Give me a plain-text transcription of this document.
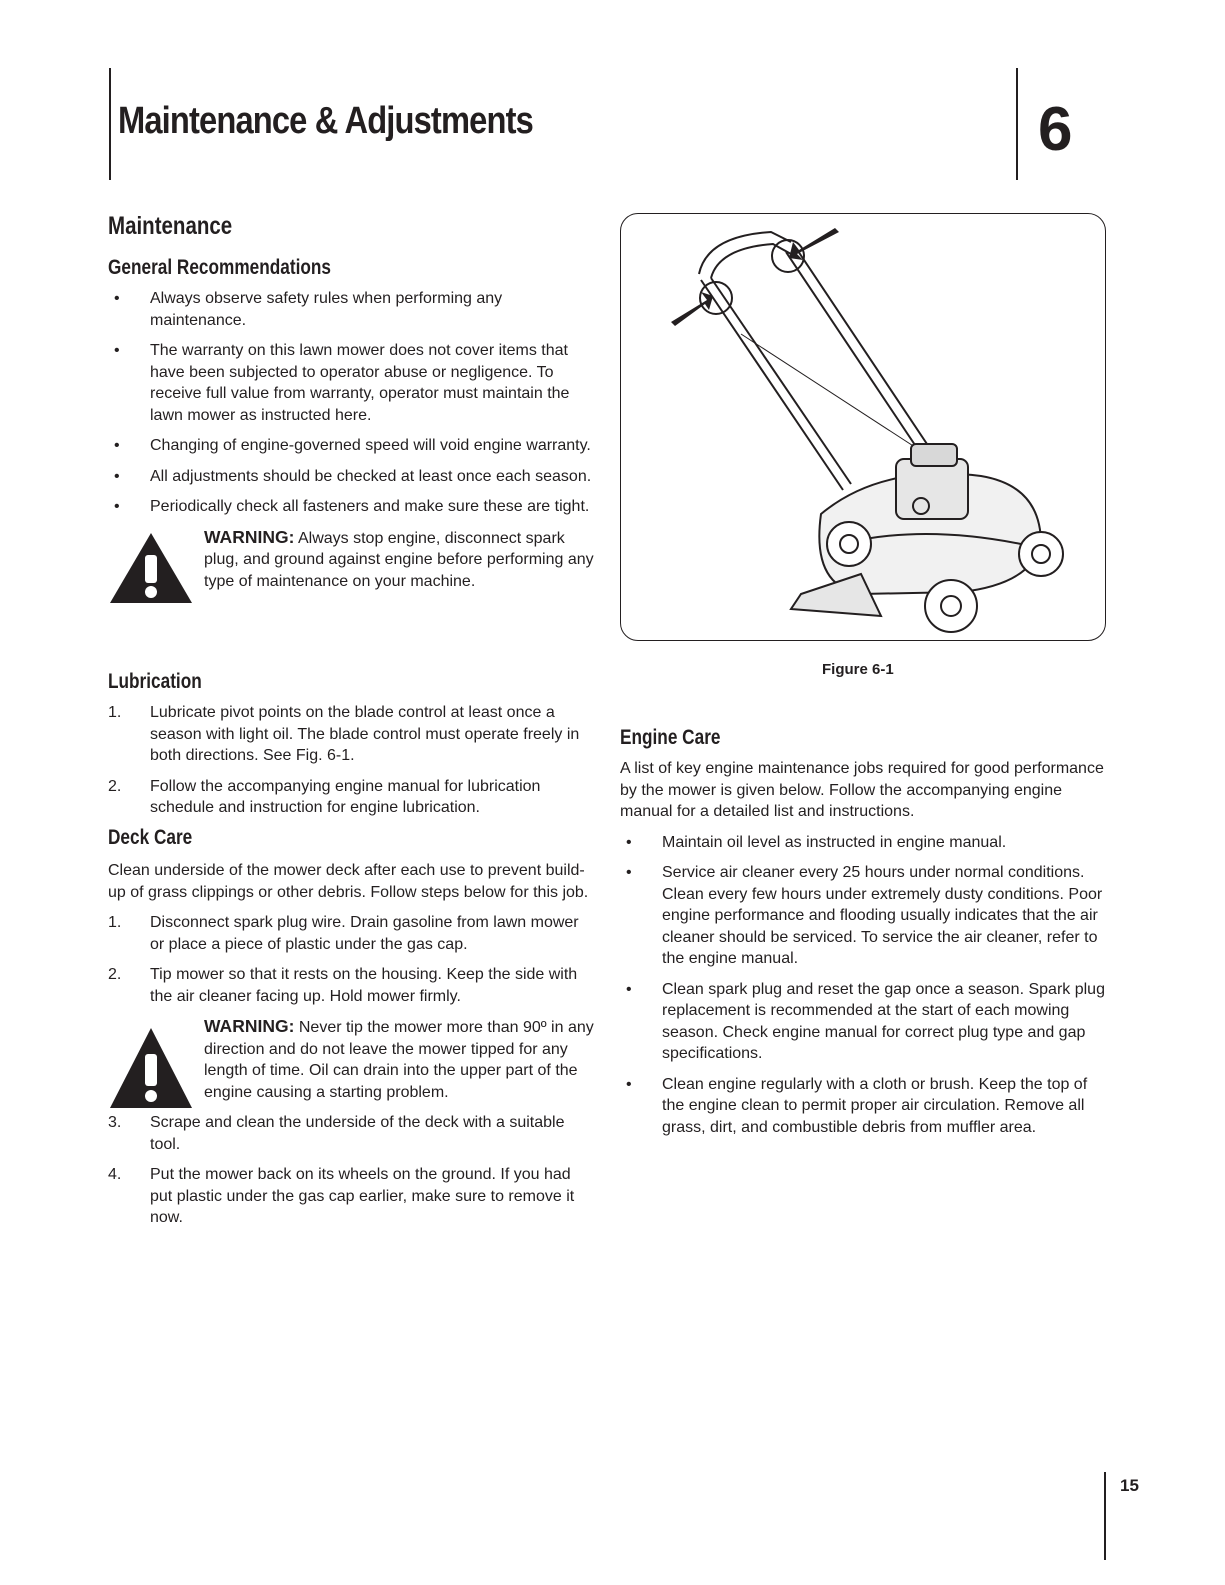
Maintenance & Adjustments	6
Maintenance
General Recommendations
• Always observe safety rules when performing any maintenance.
• The warranty on this lawn mower does not cover items that have been subjected to operator abuse or negligence. To receive full value from warranty, operator must maintain the lawn mower as instructed here.
• Changing of engine-governed speed will void engine warranty.
• All adjustments should be checked at least once each season.
• Periodically check all fasteners and make sure these are tight.
WARNING: Always stop engine, disconnect spark plug, and ground against engine before performing any type of maintenance on your machine.
Lubrication
1. Lubricate pivot points on the blade control at least once a season with light oil. The blade control must operate freely in both directions. See Fig. 6-1.
2. Follow the accompanying engine manual for lubrication schedule and instruction for engine lubrication.
Deck Care

Clean underside of the mower deck after each use to prevent build-up of grass clippings or other debris. Follow steps below for this job.

1. Disconnect spark plug wire. Drain gasoline from lawn mower or place a piece of plastic under the gas cap.
2. Tip mower so that it rests on the housing. Keep the side with the air cleaner facing up. Hold mower firmly.
WARNING: Never tip the mower more than 90º in any direction and do not leave the mower tipped for any length of time. Oil can drain into the upper part of the engine causing a starting problem.
3. Scrape and clean the underside of the deck with a suitable tool.
4. Put the mower back on its wheels on the ground. If you had put plastic under the gas cap earlier, make sure to remove it now.
Figure 6-1
Engine Care

A list of key engine maintenance jobs required for good performance by the mower is given below. Follow the accompanying engine manual for a detailed list and instructions.

• Maintain oil level as instructed in engine manual.
• Service air cleaner every 25 hours under normal conditions. Clean every few hours under extremely dusty conditions. Poor engine performance and flooding usually indicates that the air cleaner should be serviced. To service the air cleaner, refer to the engine manual.
• Clean spark plug and reset the gap once a season. Spark plug replacement is recommended at the start of each mowing season. Check engine manual for correct plug type and gap specifications.
• Clean engine regularly with a cloth or brush. Keep the top of the engine clean to permit proper air circulation. Remove all grass, dirt, and combustible debris from muffler area.
15
